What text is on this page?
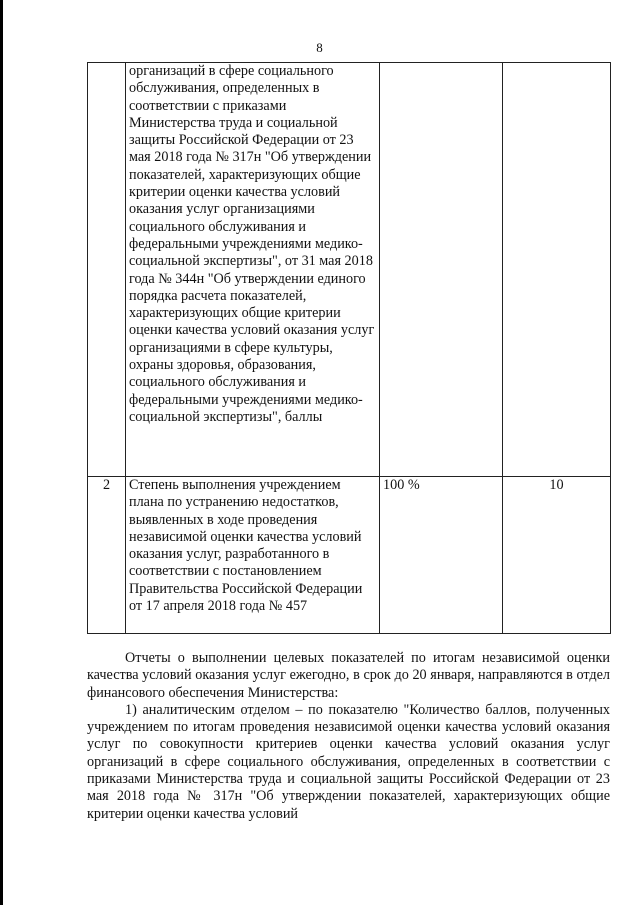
8
	организаций в сфере социального обслуживания, определенных в соответствии с приказами Министерства труда и социальной защиты Российской Федерации от 23 мая 2018 года № 317н "Об утверждении показателей, характеризующих общие критерии оценки качества условий оказания услуг организациями социального обслуживания и федеральными учреждениями медико-социальной экспертизы", от 31 мая 2018 года № 344н "Об утверждении единого порядка расчета показателей, характеризующих общие критерии оценки качества условий оказания услуг организациями в сфере культуры, охраны здоровья, образования, социального обслуживания и федеральными учреждениями медико-социальной экспертизы", баллы		
2	Степень выполнения учреждением плана по устранению недостатков, выявленных в ходе проведения независимой оценки качества условий оказания услуг, разработанного в соответствии с постановлением Правительства Российской Федерации от 17 апреля 2018 года № 457	100 %	10

Отчеты о выполнении целевых показателей по итогам независимой оценки качества условий оказания услуг ежегодно, в срок до 20 января, направляются в отдел финансового обеспечения Министерства:

1) аналитическим отделом – по показателю "Количество баллов, полученных учреждением по итогам проведения независимой оценки качества условий оказания услуг по совокупности критериев оценки качества условий оказания услуг организаций в сфере социального обслуживания, определенных в соответствии с приказами Министерства труда и социальной защиты Российской Федерации от 23 мая 2018 года № 317н "Об утверждении показателей, характеризующих общие критерии оценки качества условий
